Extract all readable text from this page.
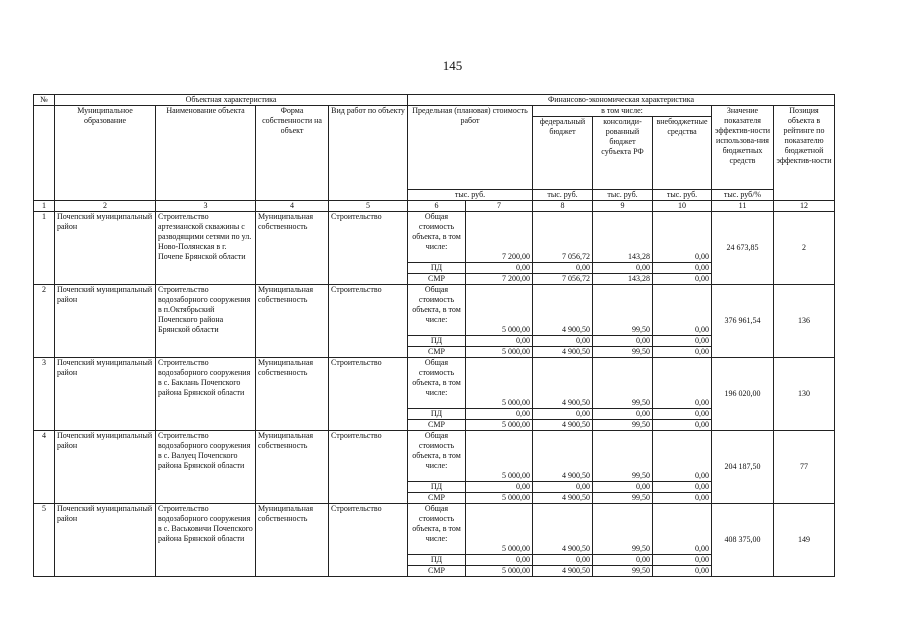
145
№	Объектная характеристика				Финансово-экономическая характеристика						
	Муниципальное образование	Наименование объекта	Форма собственности на объект	Вид работ по объекту	Предельная (плановая) стоимость работ		в том числе:			Значение показателя эффектив-ности использова-ния бюджетных средств	Позиция объекта в рейтинге по показателю бюджетной эффектив-ности
							федеральный бюджет	консолиди-рованный бюджет субъекта РФ	внебюджетные средства		
					тыс. руб.		тыс. руб.	тыс. руб.	тыс. руб.	тыс. руб/%	
1	2	3	4	5	6	7	8	9	10	11	12
1	Почепский муниципальный район	Строительство артезианской скважины с разводящими сетями по ул. Ново-Полянская в г. Почепе Брянской области	Муниципальная собственность	Строительство	Общая стоимость объекта, в том числе:	7 200,00	7 056,72	143,28	0,00	24 673,85	2
					ПД	0,00	0,00	0,00	0,00		
					СМР	7 200,00	7 056,72	143,28	0,00		
2	Почепский муниципальный район	Строительство водозаборного сооружения в п.Октябрьский Почепского района Брянской области	Муниципальная собственность	Строительство	Общая стоимость объекта, в том числе:	5 000,00	4 900,50	99,50	0,00	376 961,54	136
					ПД	0,00	0,00	0,00	0,00		
					СМР	5 000,00	4 900,50	99,50	0,00		
3	Почепский муниципальный район	Строительство водозаборного сооружения в с. Баклань Почепского района Брянской области	Муниципальная собственность	Строительство	Общая стоимость объекта, в том числе:	5 000,00	4 900,50	99,50	0,00	196 020,00	130
					ПД	0,00	0,00	0,00	0,00		
					СМР	5 000,00	4 900,50	99,50	0,00		
4	Почепский муниципальный район	Строительство водозаборного сооружения в с. Валуец Почепского района Брянской области	Муниципальная собственность	Строительство	Общая стоимость объекта, в том числе:	5 000,00	4 900,50	99,50	0,00	204 187,50	77
					ПД	0,00	0,00	0,00	0,00		
					СМР	5 000,00	4 900,50	99,50	0,00		
5	Почепский муниципальный район	Строительство водозаборного сооружения в с. Васьковичи Почепского района Брянской области	Муниципальная собственность	Строительство	Общая стоимость объекта, в том числе:	5 000,00	4 900,50	99,50	0,00	408 375,00	149
					ПД	0,00	0,00	0,00	0,00		
					СМР	5 000,00	4 900,50	99,50	0,00		
